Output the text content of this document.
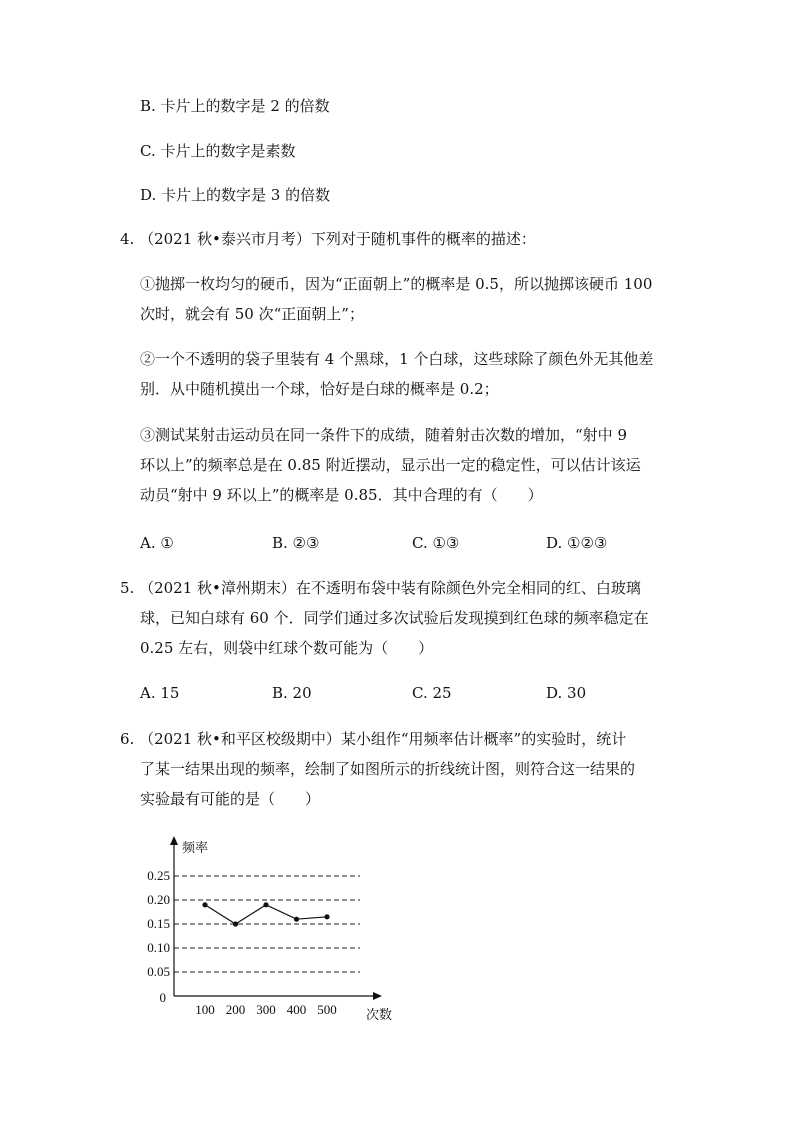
B. 卡片上的数字是 2 的倍数
C. 卡片上的数字是素数
D. 卡片上的数字是 3 的倍数
4. （2021 秋•泰兴市月考）下列对于随机事件的概率的描述：
①抛掷一枚均匀的硬币，因为“正面朝上”的概率是 0.5，所以抛掷该硬币 100
次时，就会有 50 次“正面朝上”；
②一个不透明的袋子里装有 4 个黑球，1 个白球，这些球除了颜色外无其他差
别．从中随机摸出一个球，恰好是白球的概率是 0.2；
③测试某射击运动员在同一条件下的成绩，随着射击次数的增加，“射中 9
环以上”的频率总是在 0.85 附近摆动，显示出一定的稳定性，可以估计该运
动员“射中 9 环以上”的概率是 0.85．其中合理的有（　　）
A. ①	B. ②③	C. ①③	D. ①②③
5. （2021 秋•漳州期末）在不透明布袋中装有除颜色外完全相同的红、白玻璃
球，已知白球有 60 个．同学们通过多次试验后发现摸到红色球的频率稳定在
0.25 左右，则袋中红球个数可能为（　　）
A. 15	B. 20	C. 25	D. 30
6. （2021 秋•和平区校级期中）某小组作“用频率估计概率”的实验时，统计
了某一结果出现的频率，绘制了如图所示的折线统计图，则符合这一结果的
实验最有可能的是（　　）
0.05
0.10
0.15
0.20
0.25
0
频率
次数
100 200 300 400 500
